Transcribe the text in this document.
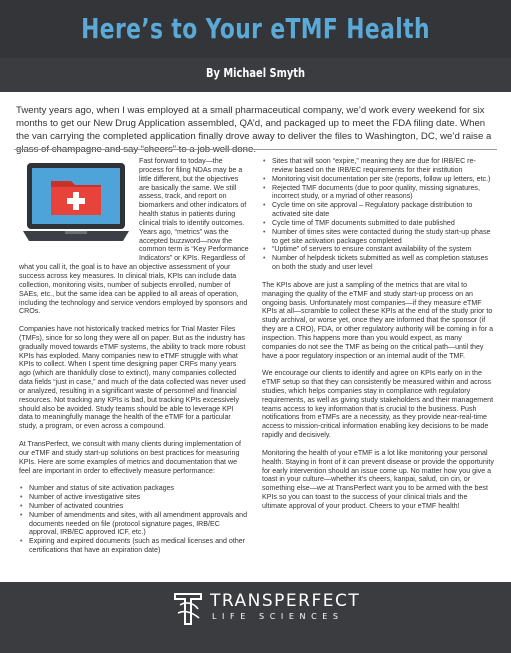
Here’s to Your eTMF Health
By Michael Smyth
Twenty years ago, when I was employed at a small pharmaceutical company, we’d work every weekend for six months to get our New Drug Application assembled, QA’d, and packaged up to meet the FDA filing date. When the van carrying the completed application finally drove away to deliver the files to Washington, DC, we’d raise a

Fast forward to today—the process for filing NDAs may be a little different, but the objectives are basically the same. We still assess, track, and report on biomarkers and other indicators of health status in patients during clinical trials to identify outcomes. Years ago, “metrics” was the accepted buzzword—now the common term is “Key Performance Indicators” or KPIs. Regardless of what you call it, the goal is to have an objective assessment of your success across key measures. In clinical trials, KPIs can include data collection, monitoring visits, number of subjects enrolled, number of SAEs, etc., but the same idea can be applied to all areas of operation, including the technology and service vendors employed by sponsors and CROs.

Companies have not historically tracked metrics for Trial Master Files (TMFs), since for so long they were all on paper. But as the industry has gradually moved towards eTMF systems, the ability to track more robust KPIs has exploded. Many companies new to eTMF struggle with what KPIs to collect. When I spent time designing paper CRFs many years ago (which are thankfully close to extinct), many companies collected data fields “just in case,” and much of the data collected was never used or analyzed, resulting in a significant waste of personnel and financial resources. Not tracking any KPIs is bad, but tracking KPIs excessively should also be avoided. Study teams should be able to leverage KPI data to meaningfully manage the health of the eTMF for a particular study, a program, or even across a compound.

At TransPerfect, we consult with many clients during implementation of our eTMF and study start-up solutions on best practices for measuring KPIs. Here are some examples of metrics and documentation that we feel are important in order to effectively measure performance:

• Number and status of site activation packages
• Number of active investigative sites
• Number of activated countries
• Number of amendments and sites, with all amendment approvals and documents needed on file (protocol signature pages, IRB/EC approval, IRB/EC approved ICF, etc.)
• Expiring and expired documents (such as medical licenses and other certifications that have an expiration date)
• Sites that will soon “expire,” meaning they are due for IRB/EC re-review based on the IRB/EC requirements for their institution
• Monitoring visit documentation per site (reports, follow up letters, etc.)
• Rejected TMF documents (due to poor quality, missing signatures, incorrect study, or a myriad of other reasons)
• Cycle time on site approval – Regulatory package distribution to activated site date
• Cycle time of TMF documents submitted to date published
• Number of times sites were contacted during the study start-up phase to get site activation packages completed
• “Uptime” of servers to ensure constant availability of the system
• Number of helpdesk tickets submitted as well as completion statuses on both the study and user level

The KPIs above are just a sampling of the metrics that are vital to managing the quality of the eTMF and study start-up process on an ongoing basis. Unfortunately most companies—if they measure eTMF KPIs at all—scramble to collect these KPIs at the end of the study prior to study archival, or worse yet, once they are informed that the sponsor (if they are a CRO), FDA, or other regulatory authority will be coming in for a inspection. This happens more than you would expect, as many companies do not see the TMF as being on the critical path—until they have a poor regulatory inspection or an internal audit of the TMF.

We encourage our clients to identify and agree on KPIs early on in the eTMF setup so that they can consistently be measured within and across studies, which helps companies stay in compliance with regulatory requirements, as well as giving study stakeholders and their management teams access to key information that is crucial to the business. Push notifications from eTMFs are a necessity, as they provide near-real-time access to mission-critical information enabling key decisions to be made rapidly and decisively.

Monitoring the health of your eTMF is a lot like monitoring your personal health. Staying in front of it can prevent disease or provide the opportunity for early intervention should an issue come up. No matter how you give a toast in your culture—whether it’s cheers, kanpai, salud, cin cin, or something else—we at TransPerfect want you to be armed with the best KPIs so you can toast to the success of your clinical trials and the ultimate approval of your product. Cheers to your eTMF health!

TRANSPERFECT
LIFE SCIENCES
